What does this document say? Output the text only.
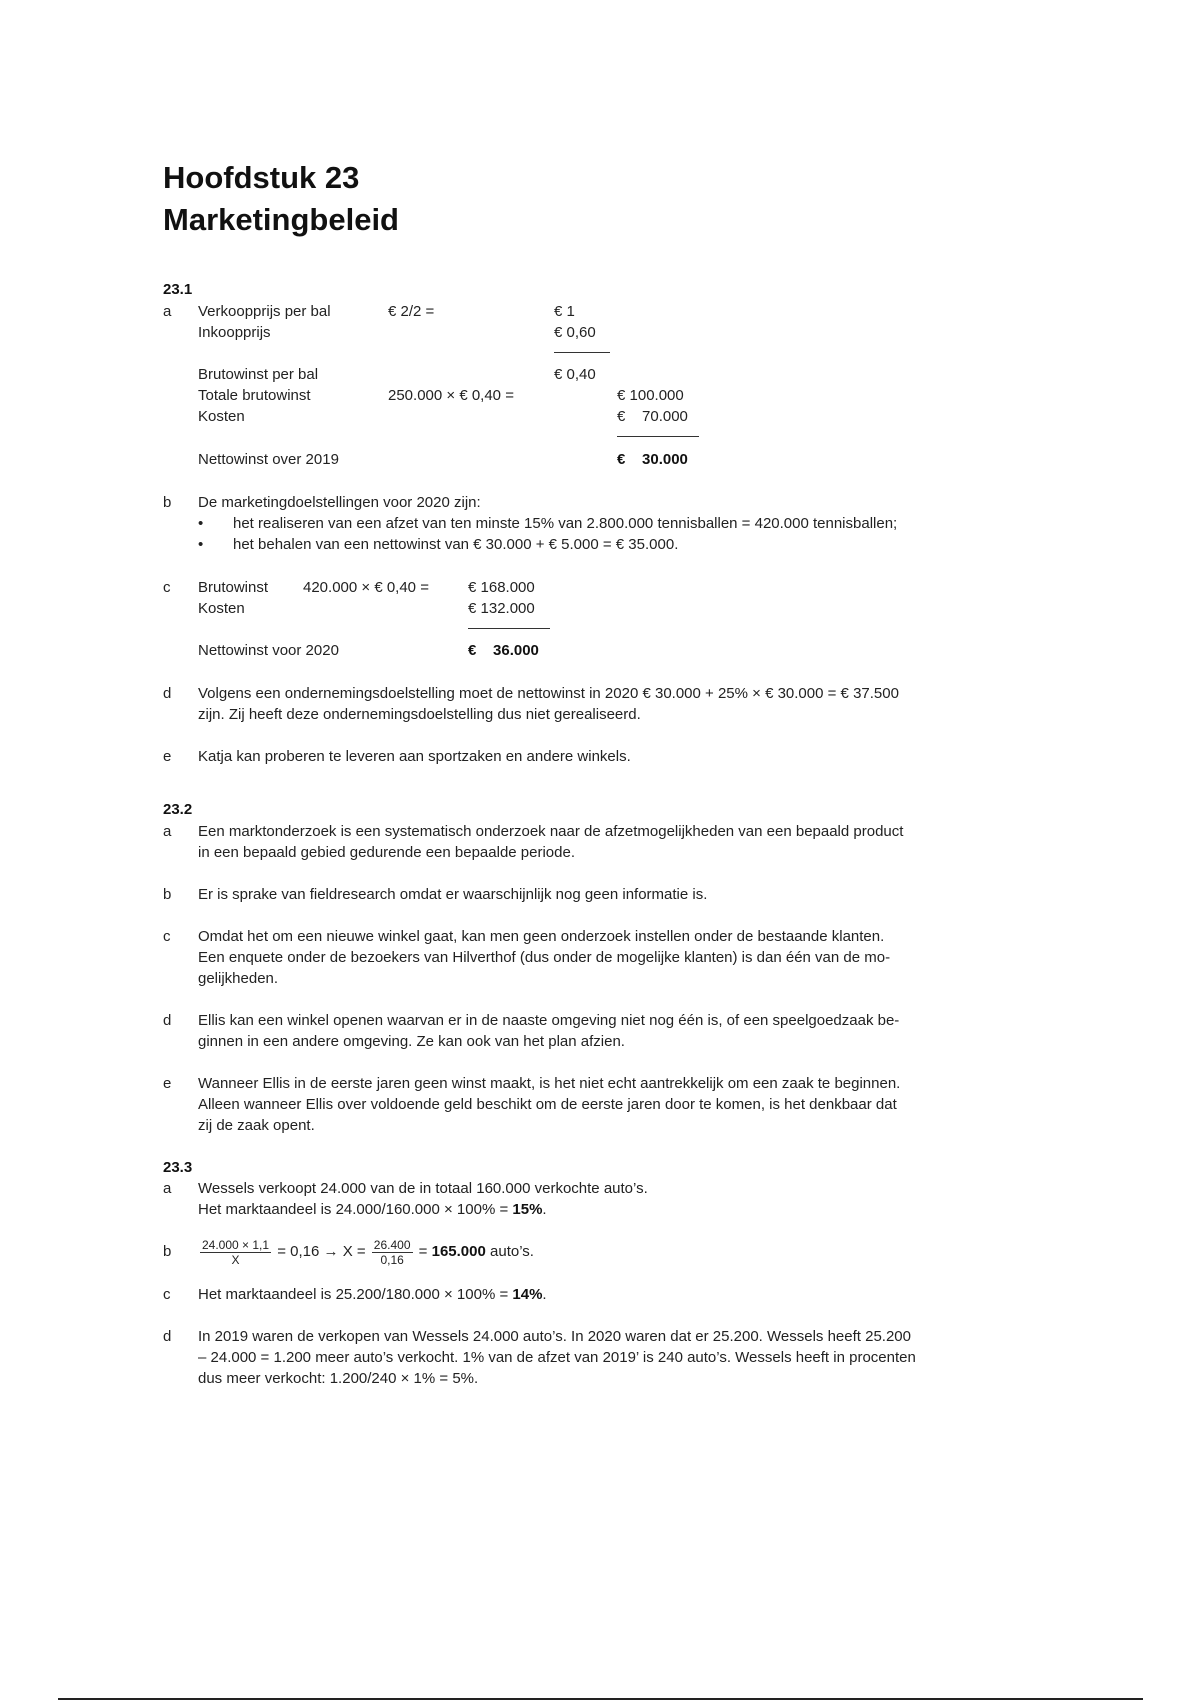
Hoofdstuk 23
Marketingbeleid
23.1
a Verkoopprijs per bal	€ 2/2 =	€ 1
Inkoopprijs	€ 0,60
Brutowinst per bal	€ 0,40
Totale brutowinst	250.000 × € 0,40 =	€ 100.000
Kosten	€    70.000
Nettowinst over 2019	€    30.000
b De marketingdoelstellingen voor 2020 zijn:
• het realiseren van een afzet van ten minste 15% van 2.800.000 tennisballen = 420.000 tennisballen;
• het behalen van een nettowinst van € 30.000 + € 5.000 = € 35.000.
c Brutowinst 420.000 × € 0,40 =	€ 168.000
Kosten	€ 132.000
Nettowinst voor 2020	€    36.000
d Volgens een ondernemingsdoelstelling moet de nettowinst in 2020 € 30.000 + 25% × € 30.000 = € 37.500
zijn. Zij heeft deze ondernemingsdoelstelling dus niet gerealiseerd.
e Katja kan proberen te leveren aan sportzaken en andere winkels.
23.2
a Een marktonderzoek is een systematisch onderzoek naar de afzetmogelijkheden van een bepaald product
in een bepaald gebied gedurende een bepaalde periode.
b Er is sprake van fieldresearch omdat er waarschijnlijk nog geen informatie is.
c Omdat het om een nieuwe winkel gaat, kan men geen onderzoek instellen onder de bestaande klanten.
Een enquete onder de bezoekers van Hilverthof (dus onder de mogelijke klanten) is dan één van de mo-
gelijkheden.
d Ellis kan een winkel openen waarvan er in de naaste omgeving niet nog één is, of een speelgoedzaak be-
ginnen in een andere omgeving. Ze kan ook van het plan afzien.
e Wanneer Ellis in de eerste jaren geen winst maakt, is het niet echt aantrekkelijk om een zaak te beginnen.
Alleen wanneer Ellis over voldoende geld beschikt om de eerste jaren door te komen, is het denkbaar dat
zij de zaak opent.
23.3
a Wessels verkoopt 24.000 van de in totaal 160.000 verkochte auto’s.
Het marktaandeel is 24.000/160.000 × 100% = 15%.
b $\frac{24.000 \times 1,1}{X} = 0,16 \to X = \frac{26.400}{0,16} = 165.000$ auto’s.
c Het marktaandeel is 25.200/180.000 × 100% = 14%.
d In 2019 waren de verkopen van Wessels 24.000 auto’s. In 2020 waren dat er 25.200. Wessels heeft 25.200
– 24.000 = 1.200 meer auto’s verkocht. 1% van de afzet van 2019’ is 240 auto’s. Wessels heeft in procenten
dus meer verkocht: 1.200/240 × 1% = 5%.
